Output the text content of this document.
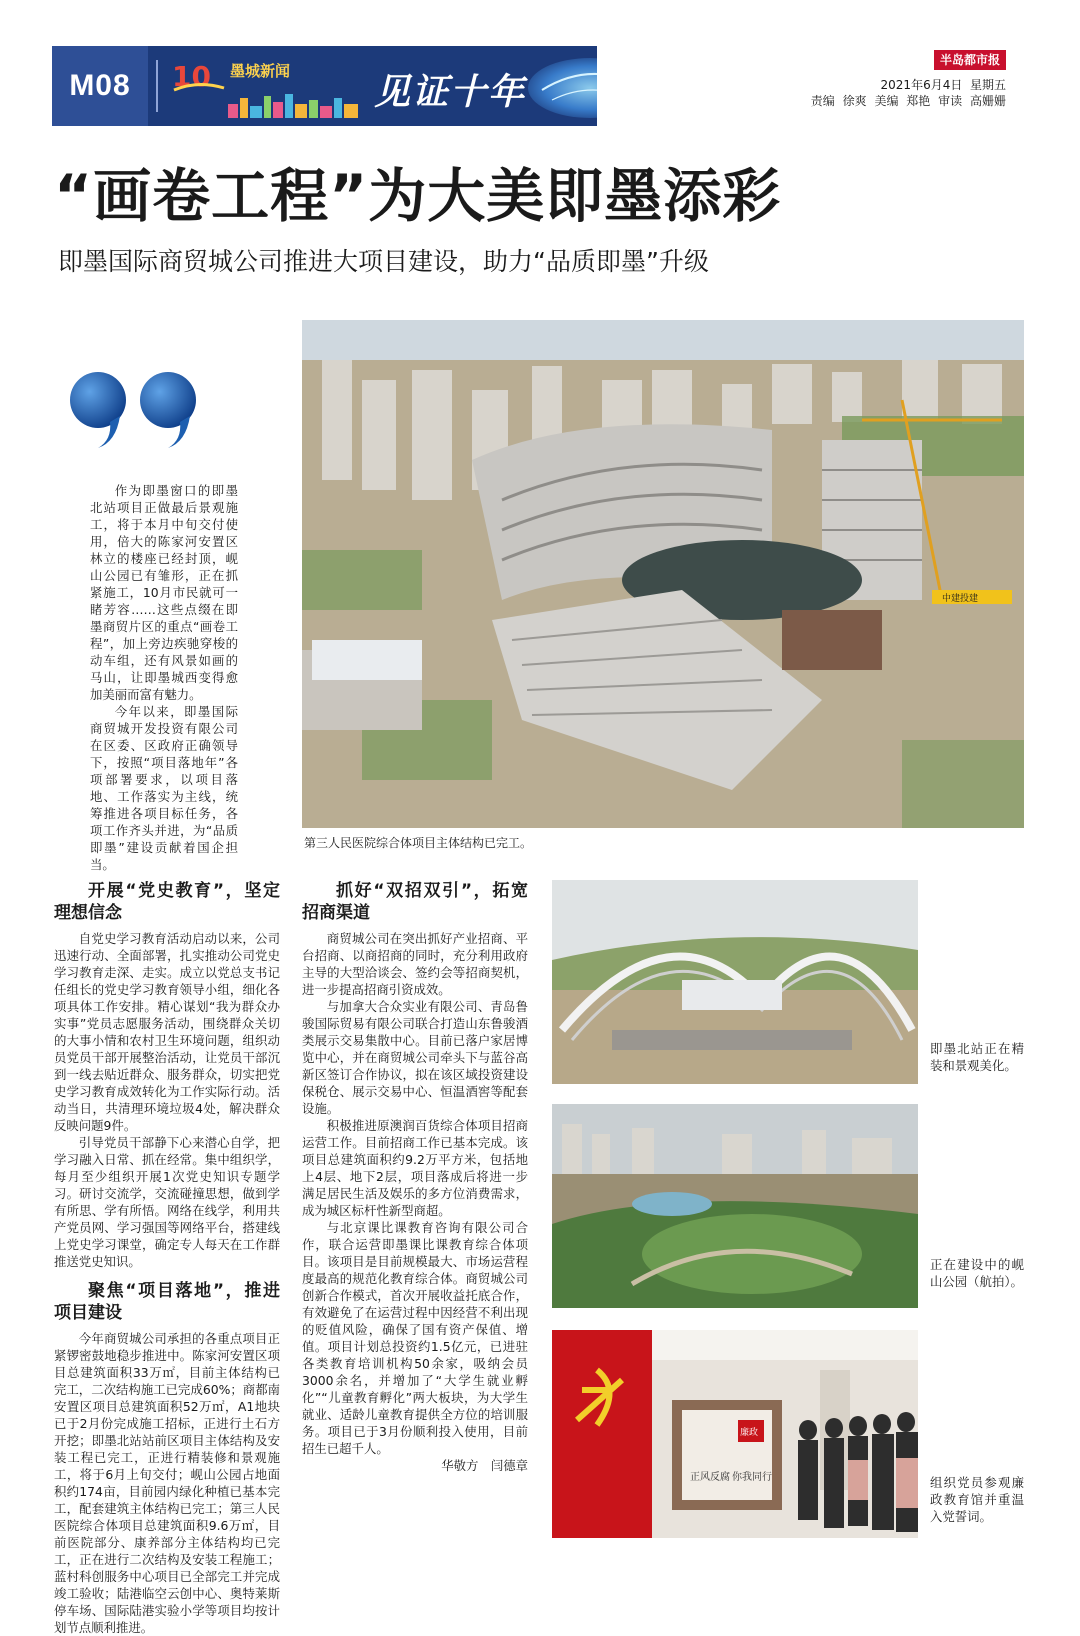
M08	10 墨城新闻 见证十年
半岛都市报
2021年6月4日 星期五
责编 徐爽 美编 郑艳 审读 高姗姗
“画卷工程”为大美即墨添彩
即墨国际商贸城公司推进大项目建设，助力“品质即墨”升级

作为即墨窗口的即墨北站项目正做最后景观施工，将于本月中旬交付使用，倍大的陈家河安置区林立的楼座已经封顶，岘山公园已有雏形，正在抓紧施工，10月市民就可一睹芳容……这些点缀在即墨商贸片区的重点“画卷工程”，加上旁边疾驰穿梭的动车组，还有风景如画的马山，让即墨城西变得愈加美丽而富有魅力。

今年以来，即墨国际商贸城开发投资有限公司在区委、区政府正确领导下，按照“项目落地年”各项部署要求，以项目落地、工作落实为主线，统筹推进各项目标任务，各项工作齐头并进，为“品质即墨”建设贡献着国企担当。

中建投建
第三人民医院综合体项目主体结构已完工。
开展“党史教育”，坚定理想信念

自党史学习教育活动启动以来，公司迅速行动、全面部署，扎实推动公司党史学习教育走深、走实。成立以党总支书记任组长的党史学习教育领导小组，细化各项具体工作安排。精心谋划“我为群众办实事”党员志愿服务活动，围绕群众关切的大事小情和农村卫生环境问题，组织动员党员干部开展整治活动，让党员干部沉到一线去贴近群众、服务群众，切实把党史学习教育成效转化为工作实际行动。活动当日，共清理环境垃圾4处，解决群众反映问题9件。

引导党员干部静下心来潜心自学，把学习融入日常、抓在经常。集中组织学，每月至少组织开展1次党史知识专题学习。研讨交流学，交流碰撞思想，做到学有所思、学有所悟。网络在线学，利用共产党员网、学习强国等网络平台，搭建线上党史学习课堂，确定专人每天在工作群推送党史知识。

聚焦“项目落地”，推进项目建设

今年商贸城公司承担的各重点项目正紧锣密鼓地稳步推进中。陈家河安置区项目总建筑面积33万㎡，目前主体结构已完工，二次结构施工已完成60%；商都南安置区项目总建筑面积52万㎡，A1地块已于2月份完成施工招标，正进行土石方开挖；即墨北站站前区项目主体结构及安装工程已完工，正进行精装修和景观施工，将于6月上旬交付；岘山公园占地面积约174亩，目前园内绿化种植已基本完工，配套建筑主体结构已完工；第三人民医院综合体项目总建筑面积9.6万㎡，目前医院部分、康养部分主体结构均已完工，正在进行二次结构及安装工程施工；蓝村科创服务中心项目已全部完工并完成竣工验收；陆港临空云创中心、奥特莱斯停车场、国际陆港实验小学等项目均按计划节点顺利推进。

抓好“双招双引”，拓宽招商渠道

商贸城公司在突出抓好产业招商、平台招商、以商招商的同时，充分利用政府主导的大型洽谈会、签约会等招商契机，进一步提高招商引资成效。

与加拿大合众实业有限公司、青岛鲁骏国际贸易有限公司联合打造山东鲁骏酒类展示交易集散中心。目前已落户家居博览中心，并在商贸城公司牵头下与蓝谷高新区签订合作协议，拟在该区域投资建设保税仓、展示交易中心、恒温酒窖等配套设施。

积极推进原澳润百货综合体项目招商运营工作。目前招商工作已基本完成。该项目总建筑面积约9.2万平方米，包括地上4层、地下2层，项目落成后将进一步满足居民生活及娱乐的多方位消费需求，成为城区标杆性新型商超。

与北京课比课教育咨询有限公司合作，联合运营即墨课比课教育综合体项目。该项目是目前规模最大、市场运营程度最高的规范化教育综合体。商贸城公司创新合作模式，首次开展收益托底合作，有效避免了在运营过程中因经营不利出现的贬值风险，确保了国有资产保值、增值。项目计划总投资约1.5亿元，已进驻各类教育培训机构50余家，吸纳会员3000余名，并增加了“大学生就业孵化”“儿童教育孵化”两大板块，为大学生就业、适龄儿童教育提供全方位的培训服务。项目已于3月份顺利投入使用，目前招生已超千人。

华敬方　闫德章

即墨北站正在精装和景观美化。
正在建设中的岘山公园（航拍）。
正风反腐 你我同行
廉政
组织党员参观廉政教育馆并重温入党誓词。
